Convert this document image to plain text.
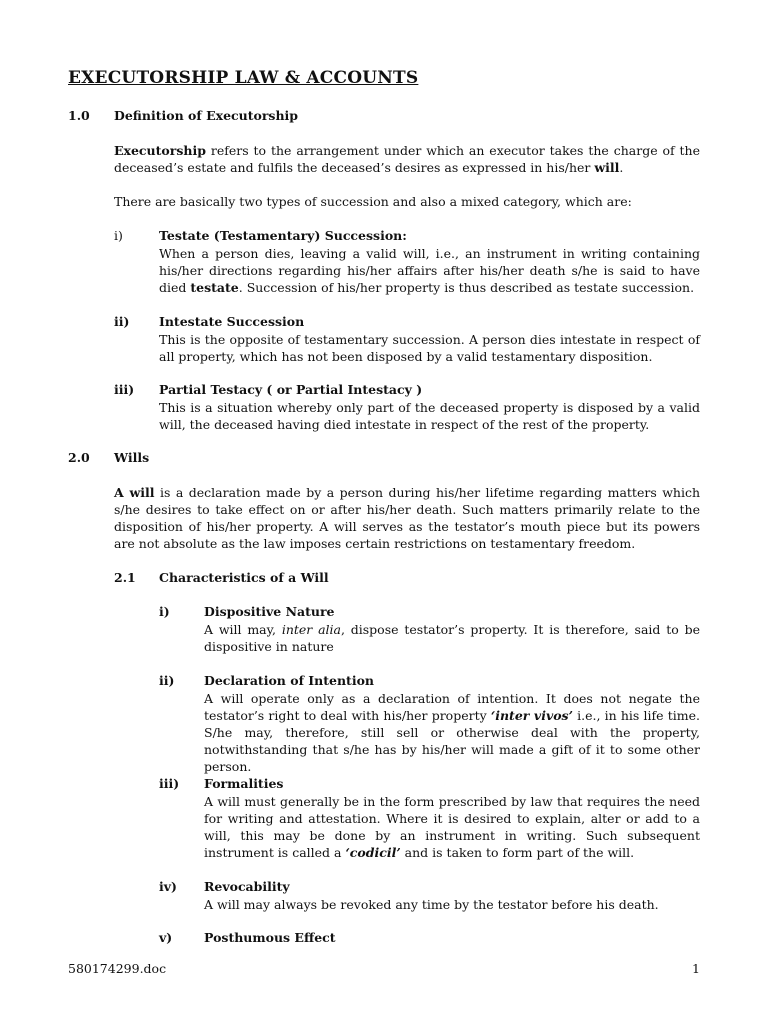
EXECUTORSHIP LAW & ACCOUNTS
1.0 Definition of Executorship
Executorship refers to the arrangement under which an executor takes the charge of the deceased’s estate and fulfils the deceased’s desires as expressed in his/her will.
There are basically two types of succession and also a mixed category, which are:
i)	Testate (Testamentary) Succession:
When a person dies, leaving a valid will, i.e., an instrument in writing containing his/her directions regarding his/her affairs after his/her death s/he is said to have died testate. Succession of his/her property is thus described as testate succession.
ii) Intestate Succession
This is the opposite of testamentary succession. A person dies intestate in respect of all property, which has not been disposed by a valid testamentary disposition.
iii) Partial Testacy ( or Partial Intestacy )
This is a situation whereby only part of the deceased property is disposed by a valid will, the deceased having died intestate in respect of the rest of the property.
2.0 Wills
A will is a declaration made by a person during his/her lifetime regarding matters which s/he desires to take effect on or after his/her death. Such matters primarily relate to the disposition of his/her property. A will serves as the testator’s mouth piece but its powers are not absolute as the law imposes certain restrictions on testamentary freedom.
2.1 Characteristics of a Will
i)	Dispositive Nature
A will may, inter alia, dispose testator’s property. It is therefore, said to be dispositive in nature
ii) Declaration of Intention
A will operate only as a declaration of intention. It does not negate the testator’s right to deal with his/her property ‘inter vivos’ i.e., in his life time. S/he may, therefore, still sell or otherwise deal with the property, notwithstanding that s/he has by his/her will made a gift of it to some other person.
iii) Formalities
A will must generally be in the form prescribed by law that requires the need for writing and attestation. Where it is desired to explain, alter or add to a will, this may be done by an instrument in writing. Such subsequent instrument is called a ‘codicil’ and is taken to form part of the will.
iv) Revocability
A will may always be revoked any time by the testator before his death.
v)	Posthumous Effect
580174299.doc	1
